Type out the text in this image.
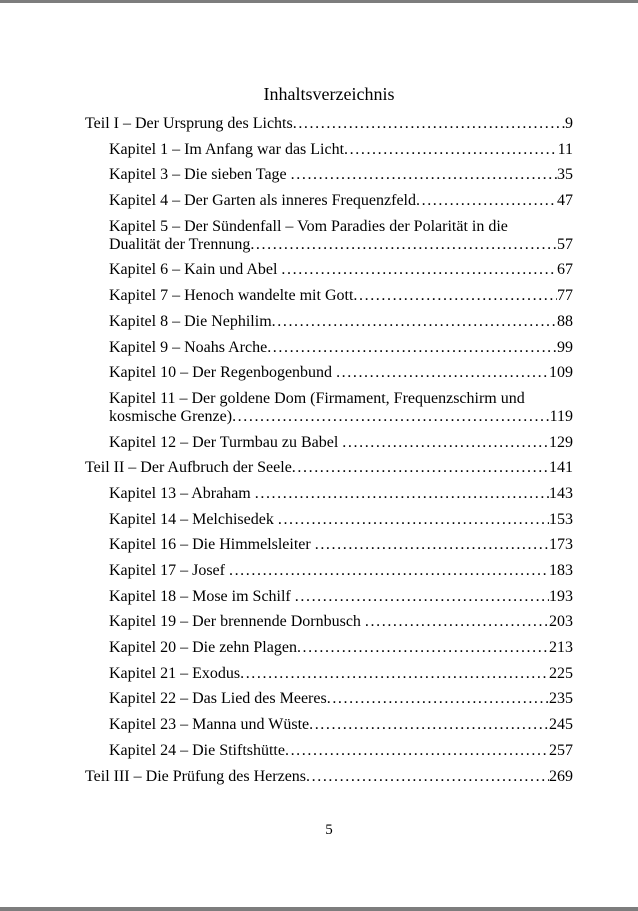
Inhaltsverzeichnis
Teil I – Der Ursprung des Lichts .....	9
Kapitel 1 – Im Anfang war das Licht .....	11
Kapitel 3 – Die sieben Tage .....	35
Kapitel 4 – Der Garten als inneres Frequenzfeld .....	47
Kapitel 5 – Der Sündenfall – Vom Paradies der Polarität in die
Dualität der Trennung .....	57
Kapitel 6 – Kain und Abel .....	67
Kapitel 7 – Henoch wandelte mit Gott .....	77
Kapitel 8 – Die Nephilim .....	88
Kapitel 9 – Noahs Arche .....	99
Kapitel 10 – Der Regenbogenbund .....	109
Kapitel 11 – Der goldene Dom (Firmament, Frequenzschirm und
kosmische Grenze) .....	119
Kapitel 12 – Der Turmbau zu Babel .....	129
Teil II – Der Aufbruch der Seele .....	141
Kapitel 13 – Abraham .....	143
Kapitel 14 – Melchisedek .....	153
Kapitel 16 – Die Himmelsleiter .....	173
Kapitel 17 – Josef .....	183
Kapitel 18 – Mose im Schilf .....	193
Kapitel 19 – Der brennende Dornbusch .....	203
Kapitel 20 – Die zehn Plagen .....	213
Kapitel 21 – Exodus .....	225
Kapitel 22 – Das Lied des Meeres .....	235
Kapitel 23 – Manna und Wüste .....	245
Kapitel 24 – Die Stiftshütte .....	257
Teil III – Die Prüfung des Herzens .....	269
5
